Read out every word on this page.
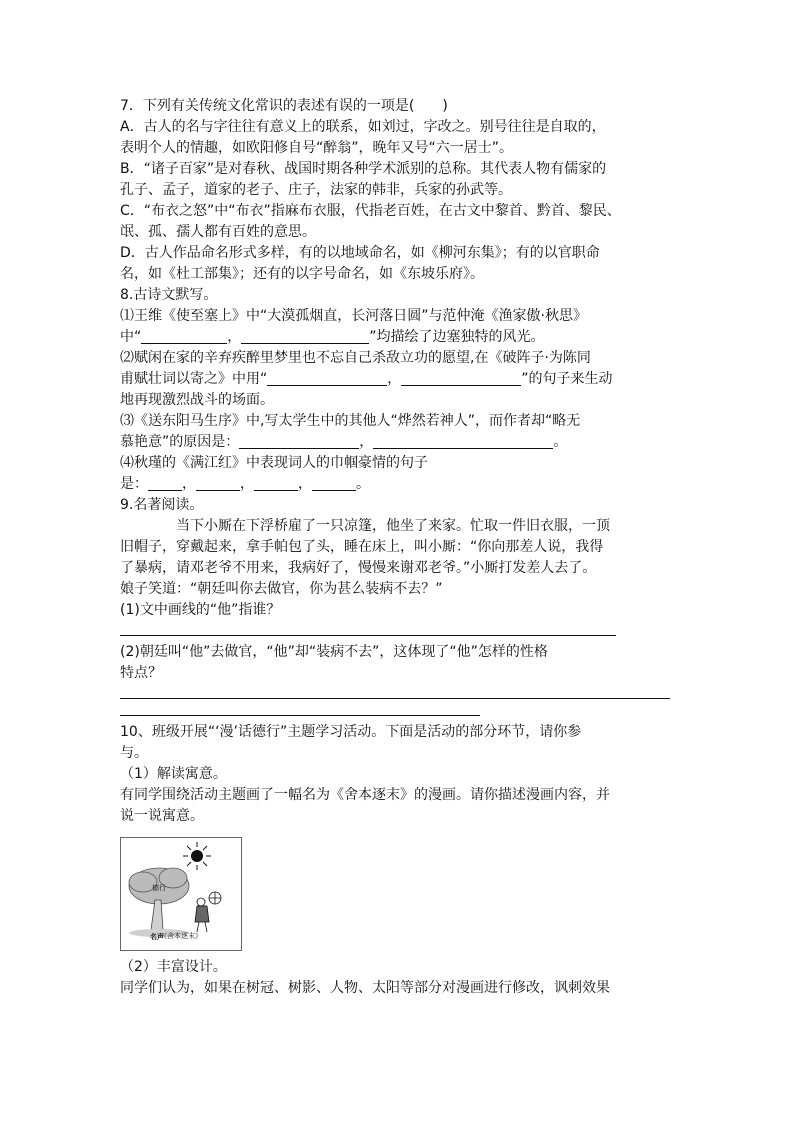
7．下列有关传统文化常识的表述有误的一项是(　　)

A．古人的名与字往往有意义上的联系，如刘过，字改之。别号往往是自取的，

表明个人的情趣，如欧阳修自号“醉翁”，晚年又号“六一居士”。

B．“诸子百家”是对春秋、战国时期各种学术派别的总称。其代表人物有儒家的

孔子、孟子，道家的老子、庄子，法家的韩非，兵家的孙武等。

C．“布衣之怒”中“布衣”指麻布衣服，代指老百姓，在古文中黎首、黔首、黎民、

氓、孤、孺人都有百姓的意思。

D．古人作品命名形式多样，有的以地域命名，如《柳河东集》；有的以官职命

名，如《杜工部集》；还有的以字号命名，如《东坡乐府》。

8.古诗文默写。

⑴王维《使至塞上》中“大漠孤烟直，长河落日圆”与范仲淹《渔家傲·秋思》

中“	，	”均描绘了边塞独特的风光。

⑵赋闲在家的辛弃疾醉里梦里也不忘自己杀敌立功的愿望,在《破阵子·为陈同

甫赋壮词以寄之》中用“	，	”的句子来生动

地再现激烈战斗的场面。

⑶《送东阳马生序》中,写太学生中的其他人“烨然若神人”，而作者却“略无

慕艳意”的原因是：	，	。

⑷秋瑾的《满江红》中表现词人的巾帼豪情的句子

是： ，	，	，	。

9.名著阅读。

当下小厮在下浮桥雇了一只凉篷，他坐了来家。忙取一件旧衣服，一顶

旧帽子，穿戴起来，拿手帕包了头，睡在床上，叫小厮：“你向那差人说，我得

了暴病，请邓老爷不用来，我病好了，慢慢来谢邓老爷。”小厮打发差人去了。

娘子笑道：“朝廷叫你去做官，你为甚么装病不去？”

(1)文中画线的“他”指谁？

(2)朝廷叫“他”去做官，“他”却“装病不去”，这体现了“他”怎样的性格

特点？

10、班级开展“‘漫’话德行”主题学习活动。下面是活动的部分环节，请你参

与。

（1）解读寓意。

有同学围绕活动主题画了一幅名为《舍本逐末》的漫画。请你描述漫画内容，并

说一说寓意。

德行
名声
《舍本逐末》

（2）丰富设计。

同学们认为，如果在树冠、树影、人物、太阳等部分对漫画进行修改，讽刺效果
